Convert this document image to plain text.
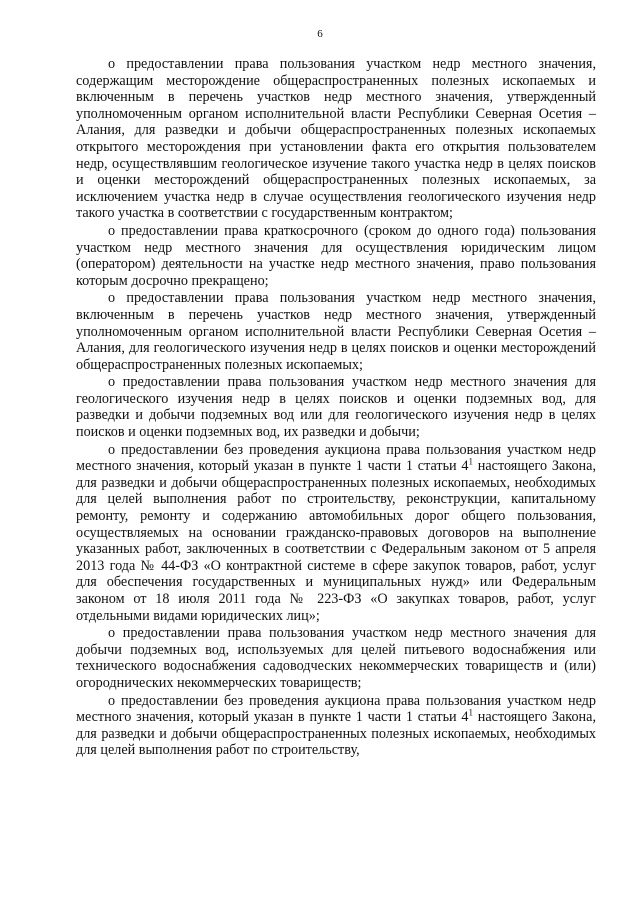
6

о предоставлении права пользования участком недр местного значения, содержащим месторождение общераспространенных полезных ископаемых и включенным в перечень участков недр местного значения, утвержденный уполномоченным органом исполнительной власти Республики Северная Осетия – Алания, для разведки и добычи общераспространенных полезных ископаемых открытого месторождения при установлении факта его открытия пользователем недр, осуществлявшим геологическое изучение такого участка недр в целях поисков и оценки месторождений общераспространенных полезных ископаемых, за исключением участка недр в случае осуществления геологического изучения недр такого участка в соответствии с государственным контрактом;

о предоставлении права краткосрочного (сроком до одного года) пользования участком недр местного значения для осуществления юридическим лицом (оператором) деятельности на участке недр местного значения, право пользования которым досрочно прекращено;

о предоставлении права пользования участком недр местного значения, включенным в перечень участков недр местного значения, утвержденный уполномоченным органом исполнительной власти Республики Северная Осетия – Алания, для геологического изучения недр в целях поисков и оценки месторождений общераспространенных полезных ископаемых;

о предоставлении права пользования участком недр местного значения для геологического изучения недр в целях поисков и оценки подземных вод, для разведки и добычи подземных вод или для геологического изучения недр в целях поисков и оценки подземных вод, их разведки и добычи;

о предоставлении без проведения аукциона права пользования участком недр местного значения, который указан в пункте 1 части 1 статьи $4^1$ настоящего Закона, для разведки и добычи общераспространенных полезных ископаемых, необходимых для целей выполнения работ по строительству, реконструкции, капитальному ремонту, ремонту и содержанию автомобильных дорог общего пользования, осуществляемых на основании гражданско-правовых договоров на выполнение указанных работ, заключенных в соответствии с Федеральным законом от 5 апреля 2013 года № 44-ФЗ «О контрактной системе в сфере закупок товаров, работ, услуг для обеспечения государственных и муниципальных нужд» или Федеральным законом от 18 июля 2011 года № 223-ФЗ «О закупках товаров, работ, услуг отдельными видами юридических лиц»;

о предоставлении права пользования участком недр местного значения для добычи подземных вод, используемых для целей питьевого водоснабжения или технического водоснабжения садоводческих некоммерческих товариществ и (или) огороднических некоммерческих товариществ;

о предоставлении без проведения аукциона права пользования участком недр местного значения, который указан в пункте 1 части 1 статьи $4^1$ настоящего Закона, для разведки и добычи общераспространенных полезных ископаемых, необходимых для целей выполнения работ по строительству,
